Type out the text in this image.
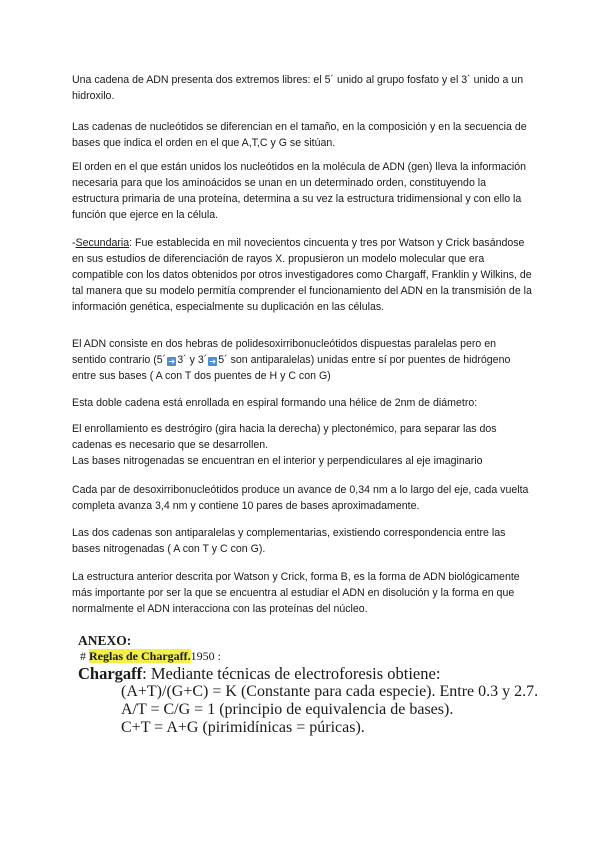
Una cadena de ADN presenta dos extremos libres: el 5´ unido al grupo fosfato y el 3´ unido a un hidroxilo.

Las cadenas de nucleótidos se diferencian en el tamaño, en la composición y en la secuencia de bases que indica el orden en el que A,T,C y G se sitúan.

El orden en el que están unidos los nucleótidos en la molécula de ADN (gen) lleva la información necesaria para que los aminoácidos se unan en un determinado orden, constituyendo la estructura primaria de una proteína, determina a su vez la estructura tridimensional y con ello la función que ejerce en la célula.

-Secundaria: Fue establecida en mil novecientos cincuenta y tres por Watson y Crick basándose en sus estudios de diferenciación de rayos X. propusieron un modelo molecular que era compatible con los datos obtenidos por otros investigadores como Chargaff, Franklin y Wilkins, de tal manera que su modelo permitía comprender el funcionamiento del ADN en la transmisión de la información genética, especialmente su duplicación en las células.

El ADN consiste en dos hebras de polidesoxirribonucleótidos dispuestas paralelas pero en sentido contrario (5´ ➜ 3´ y 3´ ➜ 5´ son antiparalelas) unidas entre sí por puentes de hidrógeno entre sus bases ( A con T dos puentes de H y C con G)

Esta doble cadena está enrollada en espiral formando una hélice de 2nm de diámetro:

El enrollamiento es destrógiro (gira hacia la derecha) y plectonémico, para separar las dos cadenas es necesario que se desarrollen.
Las bases nitrogenadas se encuentran en el interior y perpendiculares al eje imaginario

Cada par de desoxirribonucleótidos produce un avance de 0,34 nm a lo largo del eje, cada vuelta completa avanza 3,4 nm y contiene 10 pares de bases aproximadamente.

Las dos cadenas son antiparalelas y complementarias, existiendo correspondencia entre las bases nitrogenadas ( A con T y C con G).

La estructura anterior descrita por Watson y Crick, forma B, es la forma de ADN biológicamente más importante por ser la que se encuentra al estudiar el ADN en disolución y la forma en que normalmente el ADN interacciona con las proteínas del núcleo.

ANEXO:

# Reglas de Chargaff.1950 :

Chargaff: Mediante técnicas de electroforesis obtiene:

(A+T)/(G+C) = K (Constante para cada especie). Entre 0.3 y 2.7.

A/T = C/G = 1 (principio de equivalencia de bases).

C+T = A+G (pirimidínicas = púricas).
